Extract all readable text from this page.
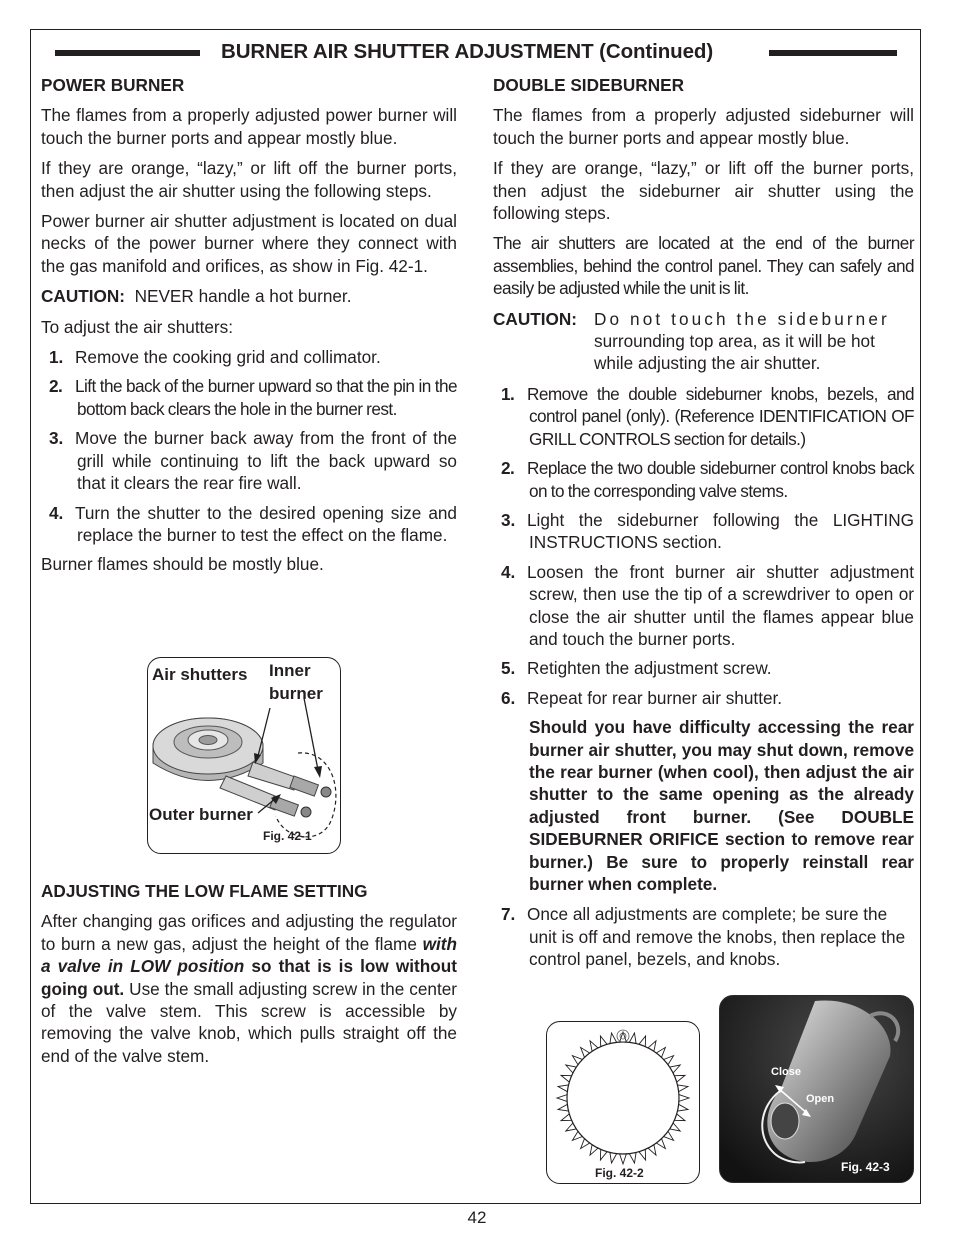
BURNER AIR SHUTTER ADJUSTMENT (Continued)
POWER BURNER

The flames from a properly adjusted power burner will touch the burner ports and appear mostly blue.

If they are orange, “lazy,” or lift off the burner ports, then adjust the air shutter using the following steps.

Power burner air shutter adjustment is located on dual necks of the power burner where they connect with the gas manifold and orifices, as show in Fig. 42-1.

CAUTION: NEVER handle a hot burner.

To adjust the air shutters:

1. Remove the cooking grid and collimator.
2. Lift the back of the burner upward so that the pin in the bottom back clears the hole in the burner rest.
3. Move the burner back away from the front of the grill while continuing to lift the back upward so that it clears the rear fire wall.
4. Turn the shutter to the desired opening size and replace the burner to test the effect on the flame.

Burner flames should be mostly blue.

Air shutters Inner
burner
Outer burner
Fig. 42-1
ADJUSTING THE LOW FLAME SETTING

After changing gas orifices and adjusting the regulator to burn a new gas, adjust the height of the flame with a valve in LOW position so that is is low without going out. Use the small adjusting screw in the center of the valve stem. This screw is accessible by removing the valve knob, which pulls straight off the end of the valve stem.

DOUBLE SIDEBURNER

The flames from a properly adjusted sideburner will touch the burner ports and appear mostly blue.

If they are orange, “lazy,” or lift off the burner ports, then adjust the sideburner air shutter using the following steps.

The air shutters are located at the end of the burner assemblies, behind the control panel. They can safely and easily be adjusted while the unit is lit.

CAUTION: Do not touch the sideburner
surrounding top area, as it will be hot while adjusting the air shutter.
1. Remove the double sideburner knobs, bezels, and control panel (only). (Reference IDENTIFICATION OF GRILL CONTROLS section for details.)
2. Replace the two double sideburner control knobs back on to the corresponding valve stems.
3. Light the sideburner following the LIGHTING INSTRUCTIONS section.
4. Loosen the front burner air shutter adjustment screw, then use the tip of a screwdriver to open or close the air shutter until the flames appear blue and touch the burner ports.
5. Retighten the adjustment screw.
6. Repeat for rear burner air shutter.
Should you have difficulty accessing the rear burner air shutter, you may shut down, remove the rear burner (when cool), then adjust the air shutter to the same opening as the already adjusted front burner. (See DOUBLE SIDEBURNER ORIFICE section to remove rear burner.) Be sure to properly reinstall rear burner when complete.
7. Once all adjustments are complete; be sure the unit is off and remove the knobs, then replace the control panel, bezels, and knobs.
Fig. 42-2
Close
Open
Fig. 42-3
42
